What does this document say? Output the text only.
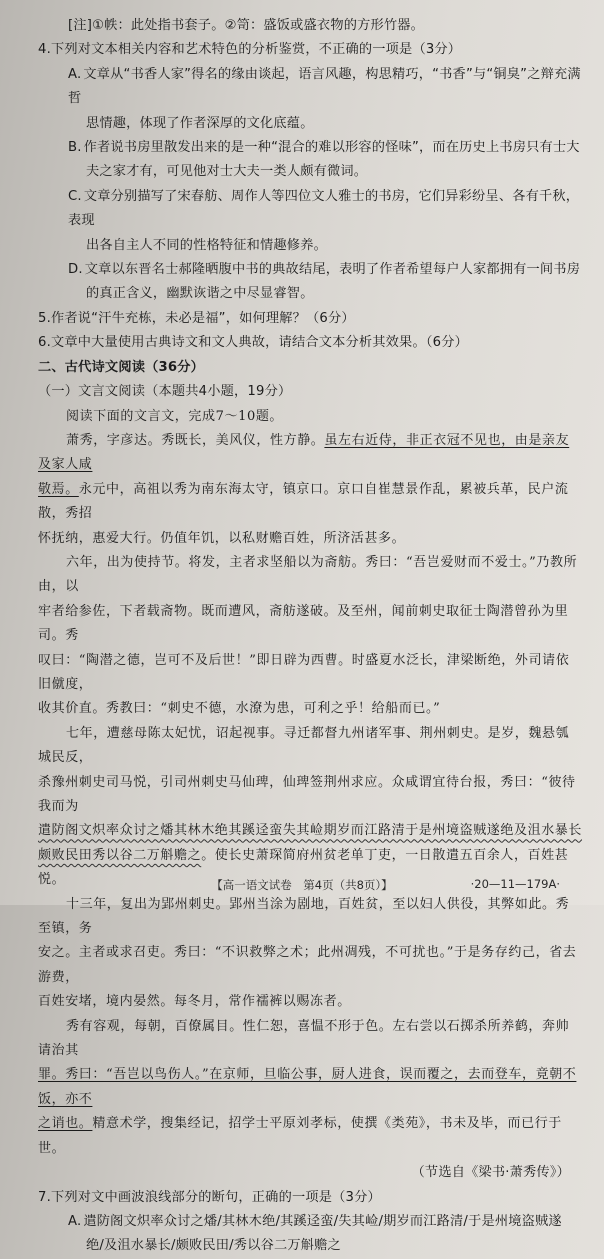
[注]①帙：此处指书套子。②笥：盛饭或盛衣物的方形竹器。

4.下列对文本相关内容和艺术特色的分析鉴赏，不正确的一项是（3分）

A. 文章从“书香人家”得名的缘由谈起，语言风趣，构思精巧，“书香”与“铜臭”之辩充满哲

思情趣，体现了作者深厚的文化底蕴。

B. 作者说书房里散发出来的是一种“混合的难以形容的怪味”，而在历史上书房只有士大

夫之家才有，可见他对士大夫一类人颇有微词。

C. 文章分别描写了宋春舫、周作人等四位文人雅士的书房，它们异彩纷呈、各有千秋，表现

出各自主人不同的性格特征和情趣修养。

D. 文章以东晋名士郝隆晒腹中书的典故结尾，表明了作者希望每户人家都拥有一间书房

的真正含义，幽默诙谐之中尽显睿智。

5.作者说“汗牛充栋，未必是福”，如何理解？（6分）

6.文章中大量使用古典诗文和文人典故，请结合文本分析其效果。（6分）

二、古代诗文阅读（36分）

（一）文言文阅读（本题共4小题，19分）

阅读下面的文言文，完成7～10题。

萧秀，字彦达。秀既长，美风仪，性方静。虽左右近侍，非正衣冠不见也，由是亲友及家人咸

敬焉。永元中，高祖以秀为南东海太守，镇京口。京口自崔慧景作乱，累被兵革，民户流散，秀招

怀抚纳，惠爱大行。仍值年饥，以私财赡百姓，所济活甚多。

六年，出为使持节。将发，主者求坚船以为斋舫。秀曰：“吾岂爱财而不爱士。”乃教所由，以

牢者给参佐，下者载斋物。既而遭风，斋舫遂破。及至州，闻前刺史取征士陶潜曾孙为里司。秀

叹曰：“陶潜之德，岂可不及后世！”即日辟为西曹。时盛夏水泛长，津梁断绝，外司请依旧僦度，

收其价直。秀教曰：“刺史不德，水潦为患，可利之乎！给船而已。”

七年，遭慈母陈太妃忧，诏起视事。寻迁都督九州诸军事、荆州刺史。是岁，魏悬瓠城民反，

杀豫州刺史司马悦，引司州刺史马仙琕，仙琕签荆州求应。众咸谓宜待台报，秀曰：“彼待我而为

遣防阁文炽率众讨之燔其林木绝其蹊迳蛮失其崄期岁而江路清于是州境盗贼遂绝及沮水暴长

颇败民田秀以谷二万斛赡之。使长史萧琛简府州贫老单丁吏，一日散遣五百余人，百姓甚悦。

十三年，复出为郢州刺史。郢州当涂为剧地，百姓贫，至以妇人供役，其弊如此。秀至镇，务

安之。主者或求召吏。秀曰：“不识救弊之术；此州凋残，不可扰也。”于是务存约己，省去游费，

百姓安堵，境内晏然。每冬月，常作襦裤以赐冻者。

秀有容观，每朝，百僚属目。性仁恕，喜愠不形于色。左右尝以石掷杀所养鹤，奔帅请治其

罪。秀曰：“吾岂以鸟伤人。”在京师，旦临公事，厨人进食，误而覆之，去而登车，竟朝不饭，亦不

之诮也。精意术学，搜集经记，招学士平原刘孝标，使撰《类苑》，书未及毕，而已行于世。

（节选自《梁书·萧秀传》）

7.下列对文中画波浪线部分的断句，正确的一项是（3分）

A. 遣防阁文炽率众讨之燔/其林木绝/其蹊迳蛮/失其崄/期岁而江路清/于是州境盗贼遂

绝/及沮水暴长/颇败民田/秀以谷二万斛赡之

【高一语文试卷　第4页（共8页）】	·20—11—179A·
